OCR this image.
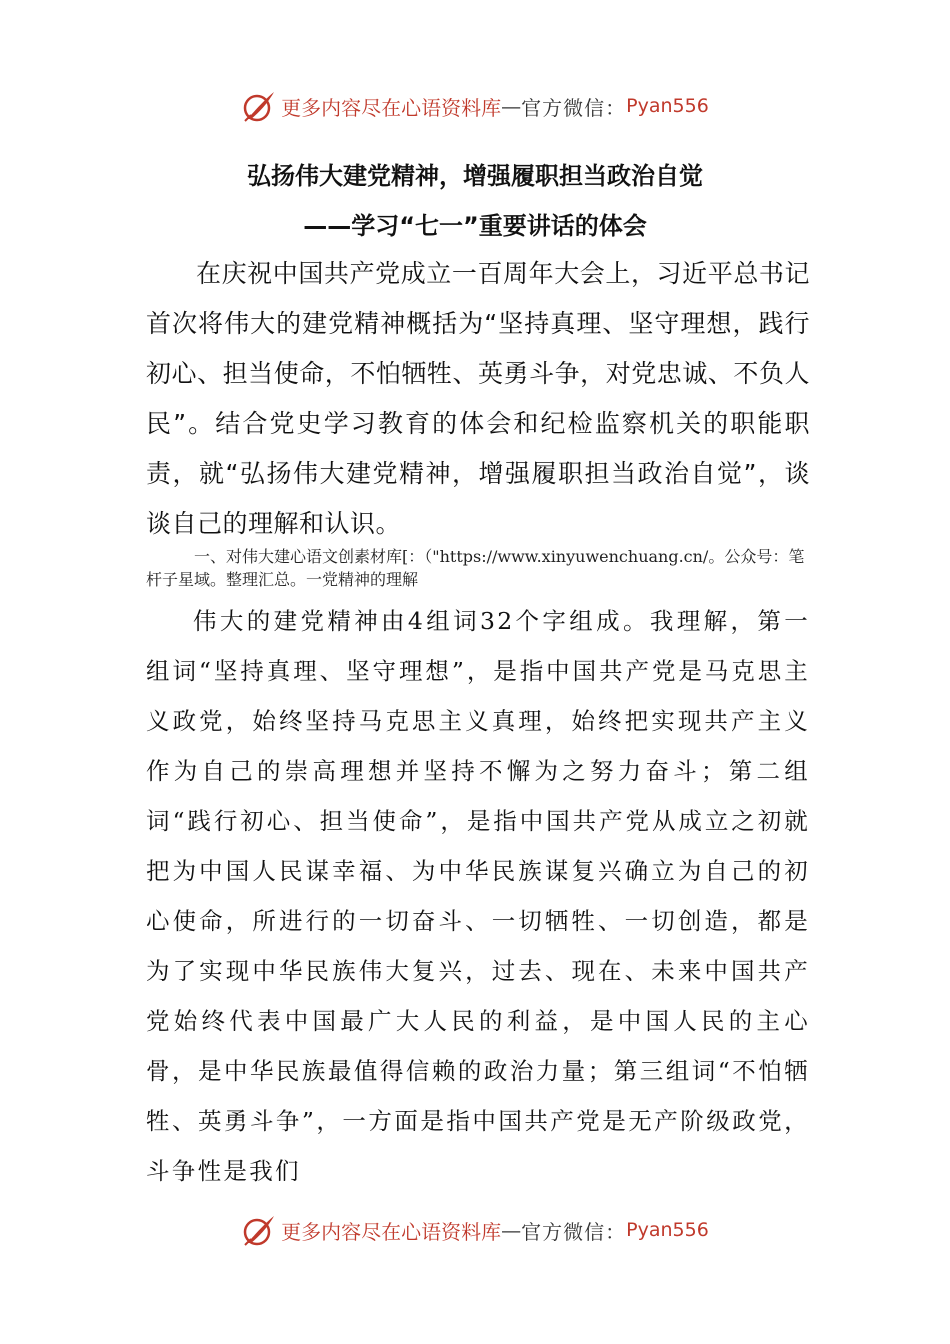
更多内容尽在心语资料库 — 官方微信： Pyan556
弘扬伟大建党精神，增强履职担当政治自觉
——学习“七一”重要讲话的体会

在庆祝中国共产党成立一百周年大会上，习近平总书记首次将伟大的建党精神概括为“坚持真理、坚守理想，践行初心、担当使命，不怕牺牲、英勇斗争，对党忠诚、不负人民”。结合党史学习教育的体会和纪检监察机关的职能职责，就“弘扬伟大建党精神，增强履职担当政治自觉”，谈谈自己的理解和认识。

一、对伟大建心语文创素材库[：（"https://www.xinyuwenchuang.cn/。公众号：笔杆子星域。整理汇总。一党精神的理解

伟大的建党精神由4组词32个字组成。我理解，第一组词“坚持真理、坚守理想”，是指中国共产党是马克思主义政党，始终坚持马克思主义真理，始终把实现共产主义作为自己的崇高理想并坚持不懈为之努力奋斗；第二组词“践行初心、担当使命”，是指中国共产党从成立之初就把为中国人民谋幸福、为中华民族谋复兴确立为自己的初心使命，所进行的一切奋斗、一切牺牲、一切创造，都是为了实现中华民族伟大复兴，过去、现在、未来中国共产党始终代表中国最广大人民的利益，是中国人民的主心骨，是中华民族最值得信赖的政治力量；第三组词“不怕牺牲、英勇斗争”，一方面是指中国共产党是无产阶级政党，斗争性是我们

更多内容尽在心语资料库 — 官方微信： Pyan556
